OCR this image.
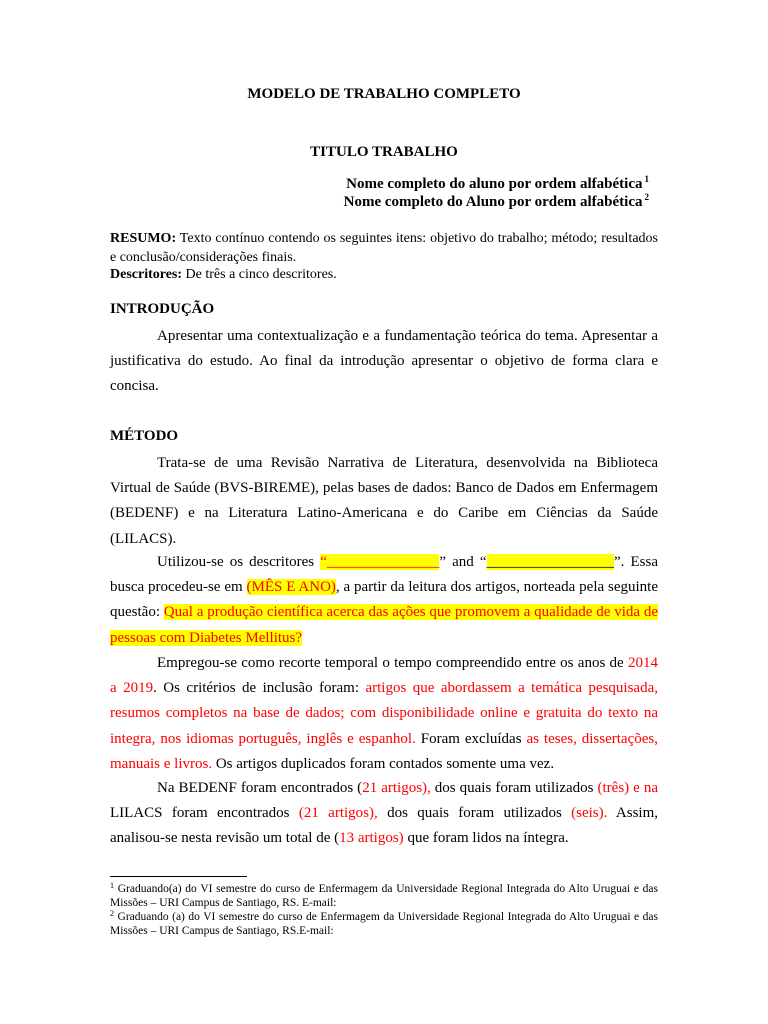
MODELO DE TRABALHO COMPLETO
TITULO TRABALHO
Nome completo do aluno por ordem alfabética $^1$
Nome completo do Aluno por ordem alfabética $^2$
RESUMO: Texto contínuo contendo os seguintes itens: objetivo do trabalho; método; resultados e conclusão/considerações finais.
Descritores: De três a cinco descritores.
INTRODUÇÃO
Apresentar uma contextualização e a fundamentação teórica do tema. Apresentar a justificativa do estudo. Ao final da introdução apresentar o objetivo de forma clara e concisa.
MÉTODO
Trata-se de uma Revisão Narrativa de Literatura, desenvolvida na Biblioteca Virtual de Saúde (BVS-BIREME), pelas bases de dados: Banco de Dados em Enfermagem (BEDENF) e na Literatura Latino-Americana e do Caribe em Ciências da Saúde (LILACS).
Utilizou-se os descritores “_______________” and “_________________”. Essa busca procedeu-se em (MÊS E ANO), a partir da leitura dos artigos, norteada pela seguinte questão: Qual a produção científica acerca das ações que promovem a qualidade de vida de pessoas com Diabetes Mellitus?
Empregou-se como recorte temporal o tempo compreendido entre os anos de 2014 a 2019. Os critérios de inclusão foram: artigos que abordassem a temática pesquisada, resumos completos na base de dados; com disponibilidade online e gratuita do texto na integra, nos idiomas português, inglês e espanhol. Foram excluídas as teses, dissertações, manuais e livros. Os artigos duplicados foram contados somente uma vez.
Na BEDENF foram encontrados (21 artigos), dos quais foram utilizados (três) e na LILACS foram encontrados (21 artigos), dos quais foram utilizados (seis). Assim, analisou-se nesta revisão um total de (13 artigos) que foram lidos na íntegra.
$^1$ Graduando(a) do VI semestre do curso de Enfermagem da Universidade Regional Integrada do Alto Uruguai e das Missões – URI Campus de Santiago, RS. E-mail:
$^2$ Graduando (a) do VI semestre do curso de Enfermagem da Universidade Regional Integrada do Alto Uruguai e das Missões – URI Campus de Santiago, RS.E-mail:
